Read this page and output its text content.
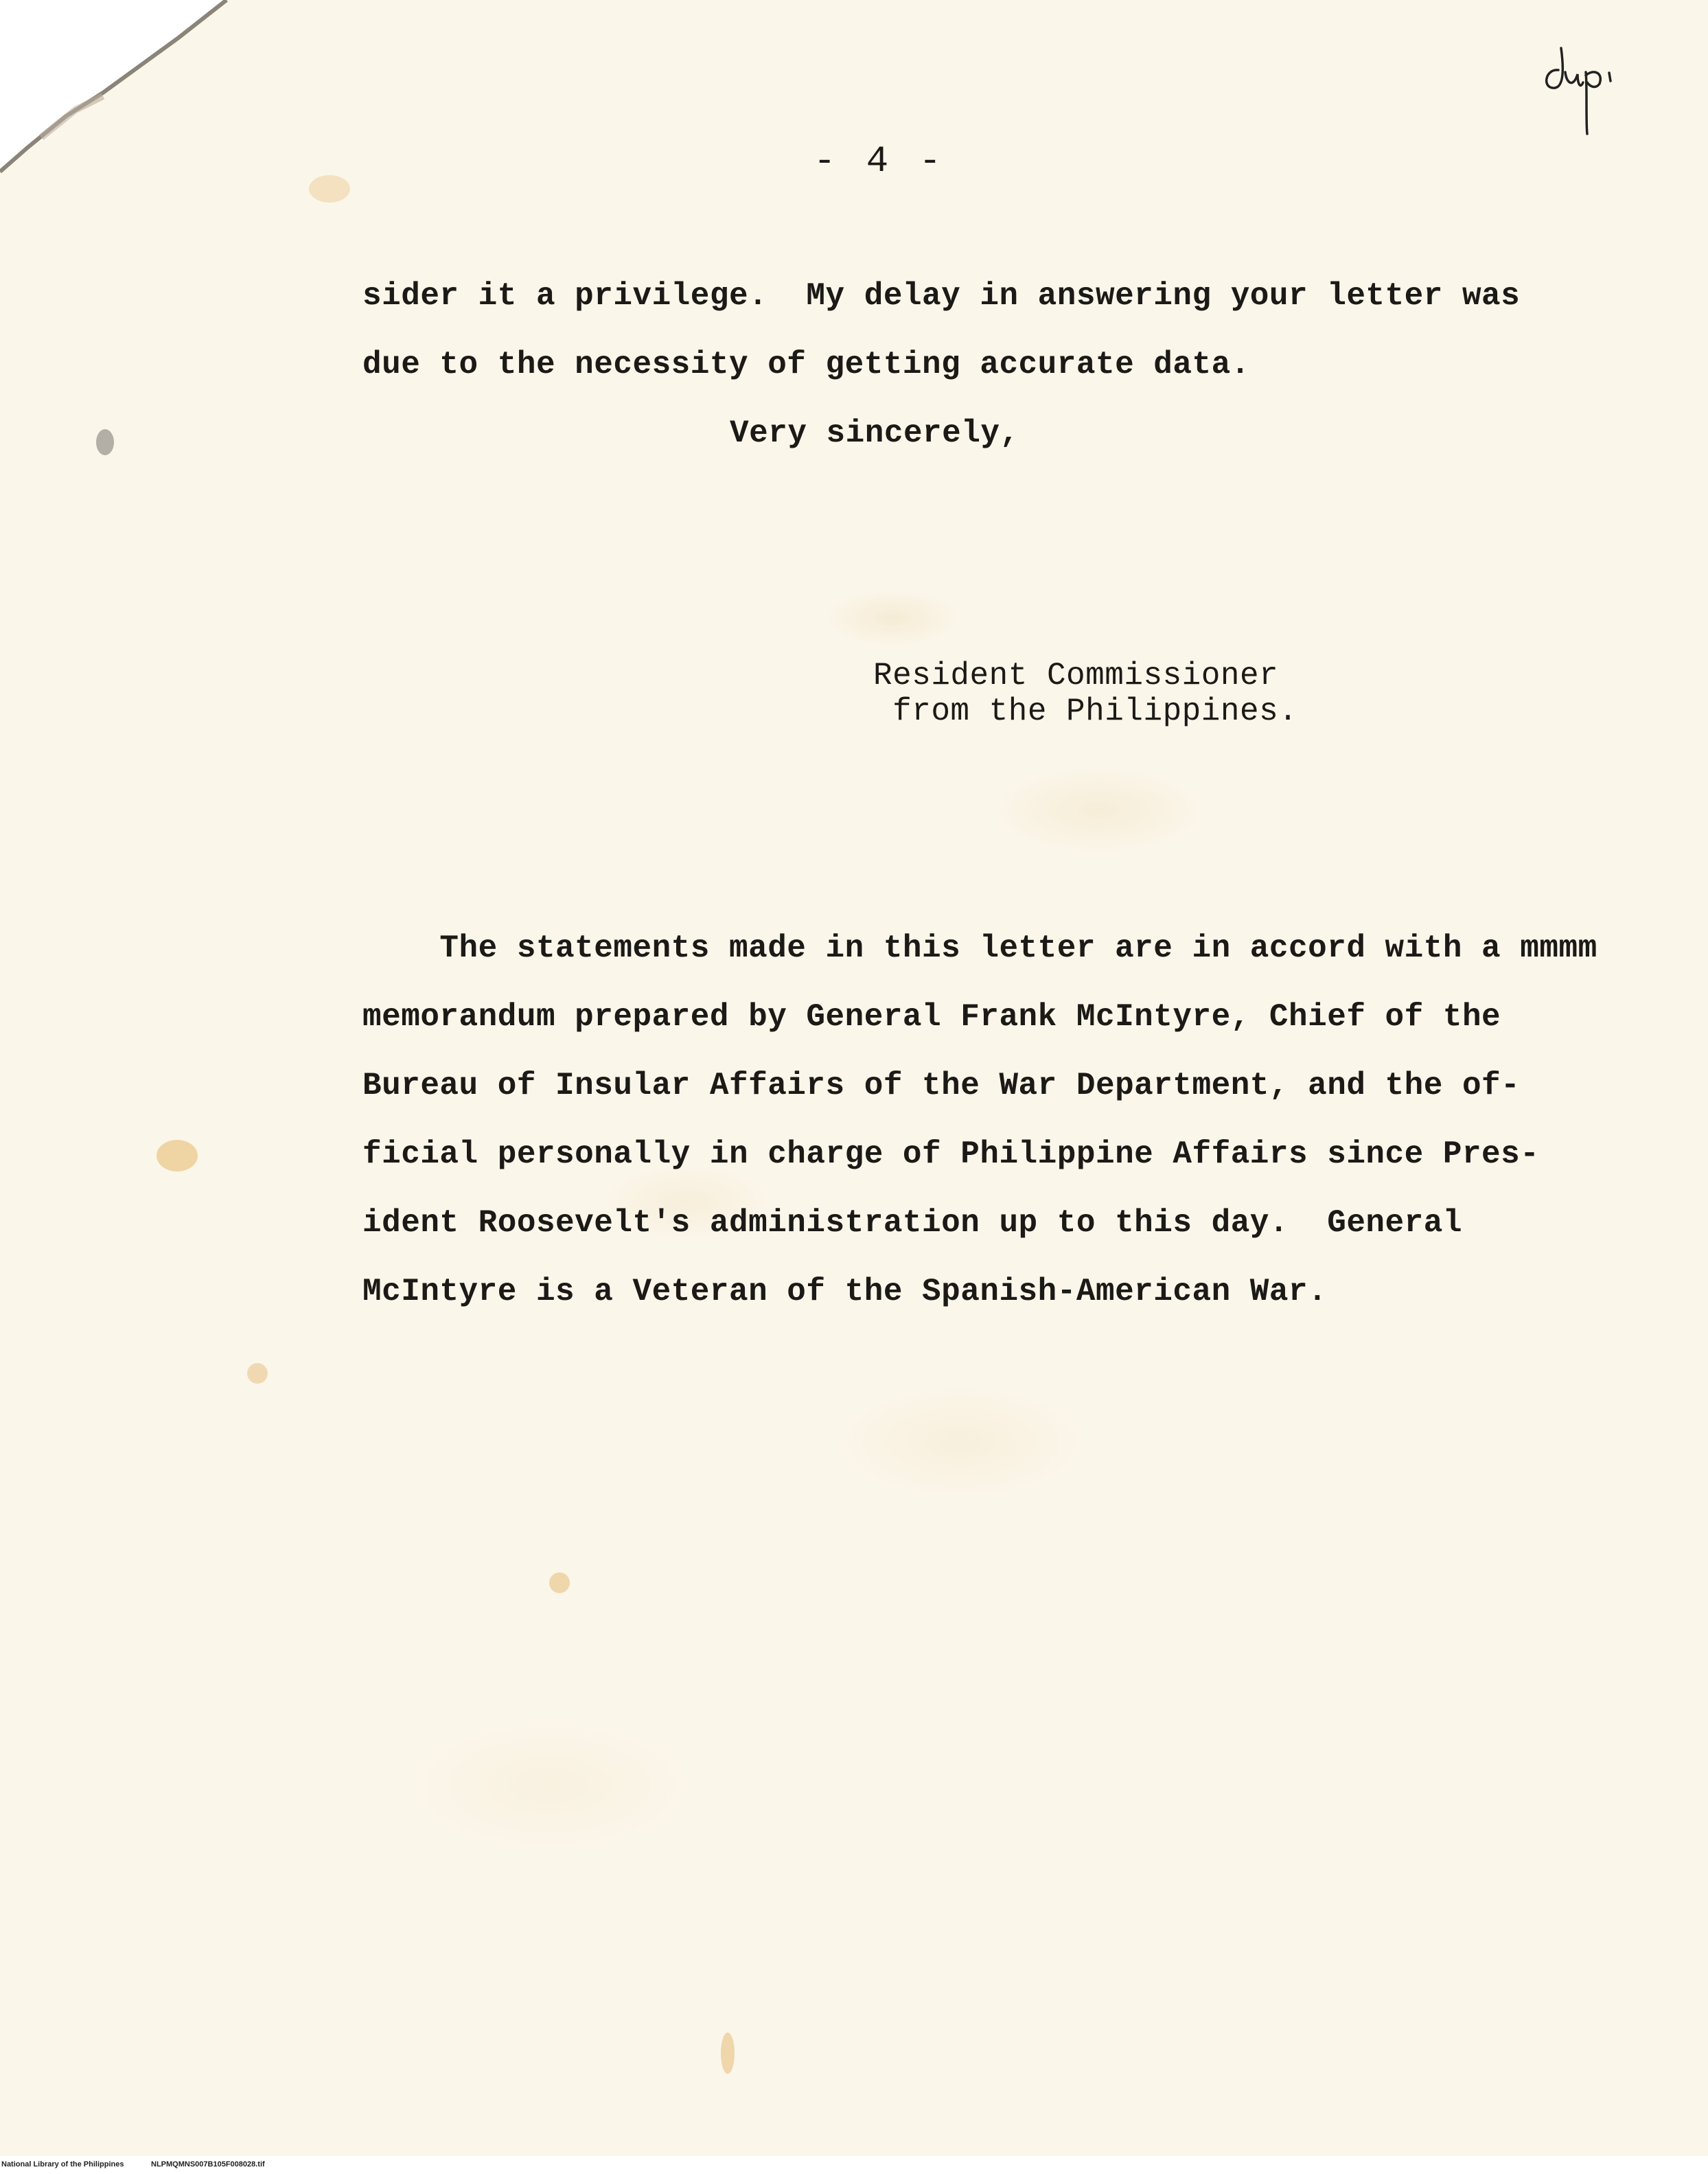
- 4 -
sider it a privilege.  My delay in answering your letter was
due to the necessity of getting accurate data.
Very sincerely,
Resident Commissioner
from the Philippines.
The statements made in this letter are in accord with a mmmm
memorandum prepared by General Frank McIntyre, Chief of the
Bureau of Insular Affairs of the War Department, and the of-
ficial personally in charge of Philippine Affairs since Pres-
ident Roosevelt's administration up to this day.  General
McIntyre is a Veteran of the Spanish-American War.
National Library of the Philippines	NLPMQMNS007B105F008028.tif
